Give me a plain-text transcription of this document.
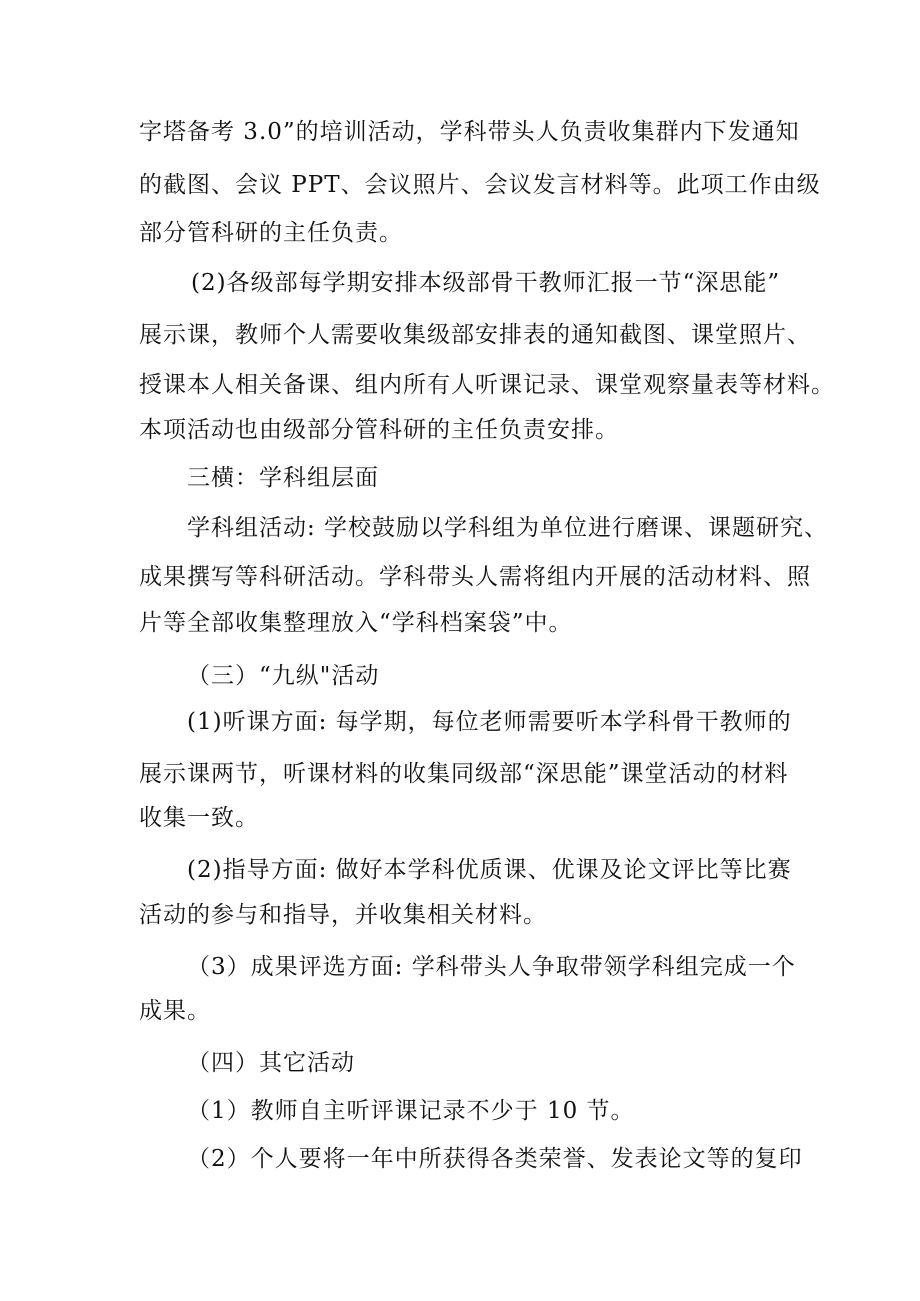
字塔备考 3.0”的培训活动，学科带头人负责收集群内下发通知
的截图、会议 PPT、会议照片、会议发言材料等。此项工作由级
部分管科研的主任负责。
(2)各级部每学期安排本级部骨干教师汇报一节“深思能”
展示课，教师个人需要收集级部安排表的通知截图、课堂照片、
授课本人相关备课、组内所有人听课记录、课堂观察量表等材料。
本项活动也由级部分管科研的主任负责安排。
三横：学科组层面
学科组活动: 学校鼓励以学科组为单位进行磨课、课题研究、
成果撰写等科研活动。学科带头人需将组内开展的活动材料、照
片等全部收集整理放入“学科档案袋”中。
（三）“九纵"活动
(1)听课方面: 每学期，每位老师需要听本学科骨干教师的
展示课两节，听课材料的收集同级部“深思能”课堂活动的材料
收集一致。
(2)指导方面: 做好本学科优质课、优课及论文评比等比赛
活动的参与和指导，并收集相关材料。
（3）成果评选方面: 学科带头人争取带领学科组完成一个
成果。
（四）其它活动
（1）教师自主听评课记录不少于 10 节。
（2）个人要将一年中所获得各类荣誉、发表论文等的复印
